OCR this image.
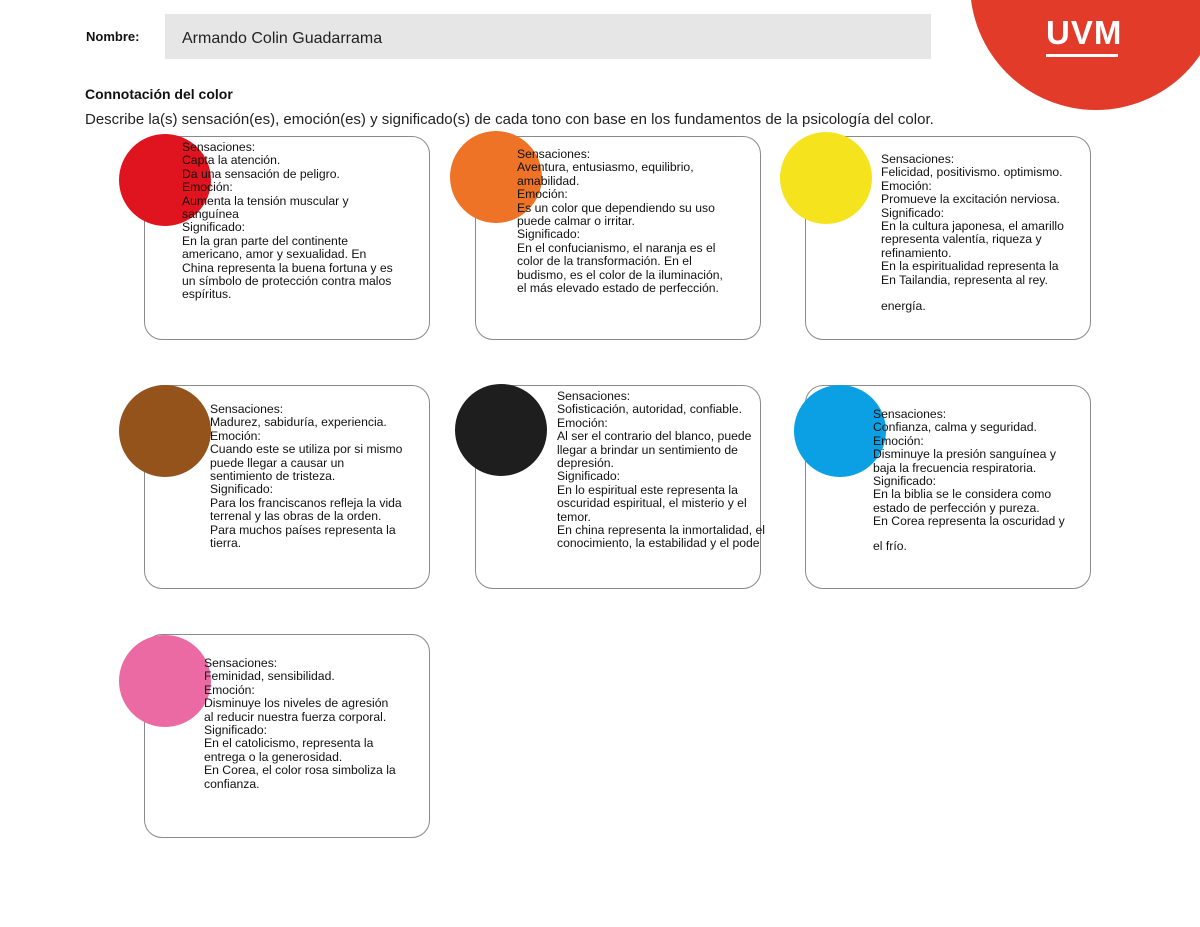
UVM
Nombre:	Armando Colin Guadarrama
Connotación del color
Describe la(s) sensación(es), emoción(es) y significado(s) de cada tono con base en los fundamentos de la psicología del color.
Sensaciones:
Capta la atención.
Da una sensación de peligro.
Emoción:
Aumenta la tensión muscular y
sanguínea
Significado:
En la gran parte del continente
americano, amor y sexualidad. En
China representa la buena fortuna y es
un símbolo de protección contra malos
espíritus.
Sensaciones:
Aventura, entusiasmo, equilibrio,
amabilidad.
Emoción:
Es un color que dependiendo su uso
puede calmar o irritar.
Significado:
En el confucianismo, el naranja es el
color de la transformación. En el
budismo, es el color de la iluminación,
el más elevado estado de perfección.
Sensaciones:
Felicidad, positivismo. optimismo.
Emoción:
Promueve la excitación nerviosa.
Significado:
En la cultura japonesa, el amarillo
representa valentía, riqueza y
refinamiento.
En la espiritualidad representa la
En Tailandia, representa al rey.
energía.
Sensaciones:
Madurez, sabiduría, experiencia.
Emoción:
Cuando este se utiliza por si mismo
puede llegar a causar un
sentimiento de tristeza.
Significado:
Para los franciscanos refleja la vida
terrenal y las obras de la orden.
Para muchos países representa la
tierra.
Sensaciones:
Sofisticación, autoridad, confiable.
Emoción:
Al ser el contrario del blanco, puede
llegar a brindar un sentimiento de
depresión.
Significado:
En lo espiritual este representa la
oscuridad espiritual, el misterio y el
temor.
En china representa la inmortalidad, el
conocimiento, la estabilidad y el pode
Sensaciones:
Confianza, calma y seguridad.
Emoción:
Disminuye la presión sanguínea y
baja la frecuencia respiratoria.
Significado:
En la biblia se le considera como
estado de perfección y pureza.
En Corea representa la oscuridad y
el frío.
Sensaciones:
Feminidad, sensibilidad.
Emoción:
Disminuye los niveles de agresión
al reducir nuestra fuerza corporal.
Significado:
En el catolicismo, representa la
entrega o la generosidad.
En Corea, el color rosa simboliza la
confianza.
